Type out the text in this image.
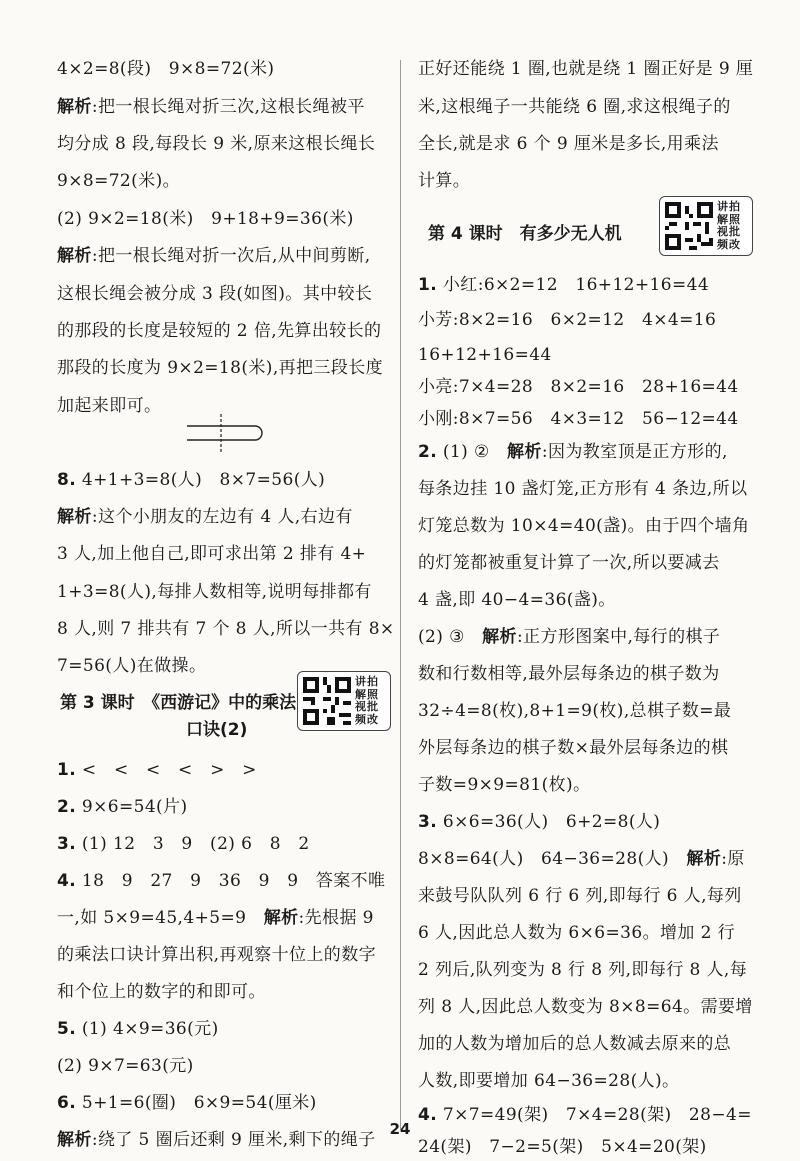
4×2=8(段)　9×8=72(米)
解析:把一根长绳对折三次,这根长绳被平
均分成 8 段,每段长 9 米,原来这根长绳长
9×8=72(米)。
(2) 9×2=18(米)　9+18+9=36(米)
解析:把一根长绳对折一次后,从中间剪断,
这根长绳会被分成 3 段(如图)。其中较长
的那段的长度是较短的 2 倍,先算出较长的
那段的长度为 9×2=18(米),再把三段长度
加起来即可。
8. 4+1+3=8(人)　8×7=56(人)
解析:这个小朋友的左边有 4 人,右边有
3 人,加上他自己,即可求出第 2 排有 4+
1+3=8(人),每排人数相等,说明每排都有
8 人,则 7 排共有 7 个 8 人,所以一共有 8×
7=56(人)在做操。
第 3 课时　《西游记》中的乘法
口诀(2)
讲拍解照视批频改
1. <　<　<　<　>　>
2. 9×6=54(片)
3. (1) 12　3　9　(2) 6　8　2
4. 18　9　27　9　36　9　9　答案不唯
一,如 5×9=45,4+5=9　解析:先根据 9
的乘法口诀计算出积,再观察十位上的数字
和个位上的数字的和即可。
5. (1) 4×9=36(元)
(2) 9×7=63(元)
6. 5+1=6(圈)　6×9=54(厘米)
解析:绕了 5 圈后还剩 9 厘米,剩下的绳子
正好还能绕 1 圈,也就是绕 1 圈正好是 9 厘
米,这根绳子一共能绕 6 圈,求这根绳子的
全长,就是求 6 个 9 厘米是多长,用乘法
计算。
第 4 课时　有多少无人机
讲拍解照视批频改
1. 小红:6×2=12　16+12+16=44
小芳:8×2=16　6×2=12　4×4=16
16+12+16=44
小亮:7×4=28　8×2=16　28+16=44
小刚:8×7=56　4×3=12　56−12=44
2. (1) ②　解析:因为教室顶是正方形的,
每条边挂 10 盏灯笼,正方形有 4 条边,所以
灯笼总数为 10×4=40(盏)。由于四个墙角
的灯笼都被重复计算了一次,所以要减去
4 盏,即 40−4=36(盏)。
(2) ③　解析:正方形图案中,每行的棋子
数和行数相等,最外层每条边的棋子数为
32÷4=8(枚),8+1=9(枚),总棋子数=最
外层每条边的棋子数×最外层每条边的棋
子数=9×9=81(枚)。
3. 6×6=36(人)　6+2=8(人)
8×8=64(人)　64−36=28(人)　解析:原
来鼓号队队列 6 行 6 列,即每行 6 人,每列
6 人,因此总人数为 6×6=36。增加 2 行
2 列后,队列变为 8 行 8 列,即每行 8 人,每
列 8 人,因此总人数变为 8×8=64。需要增
加的人数为增加后的总人数减去原来的总
人数,即要增加 64−36=28(人)。
4. 7×7=49(架)　7×4=28(架)　28−4=
24(架)　7−2=5(架)　5×4=20(架)
24
